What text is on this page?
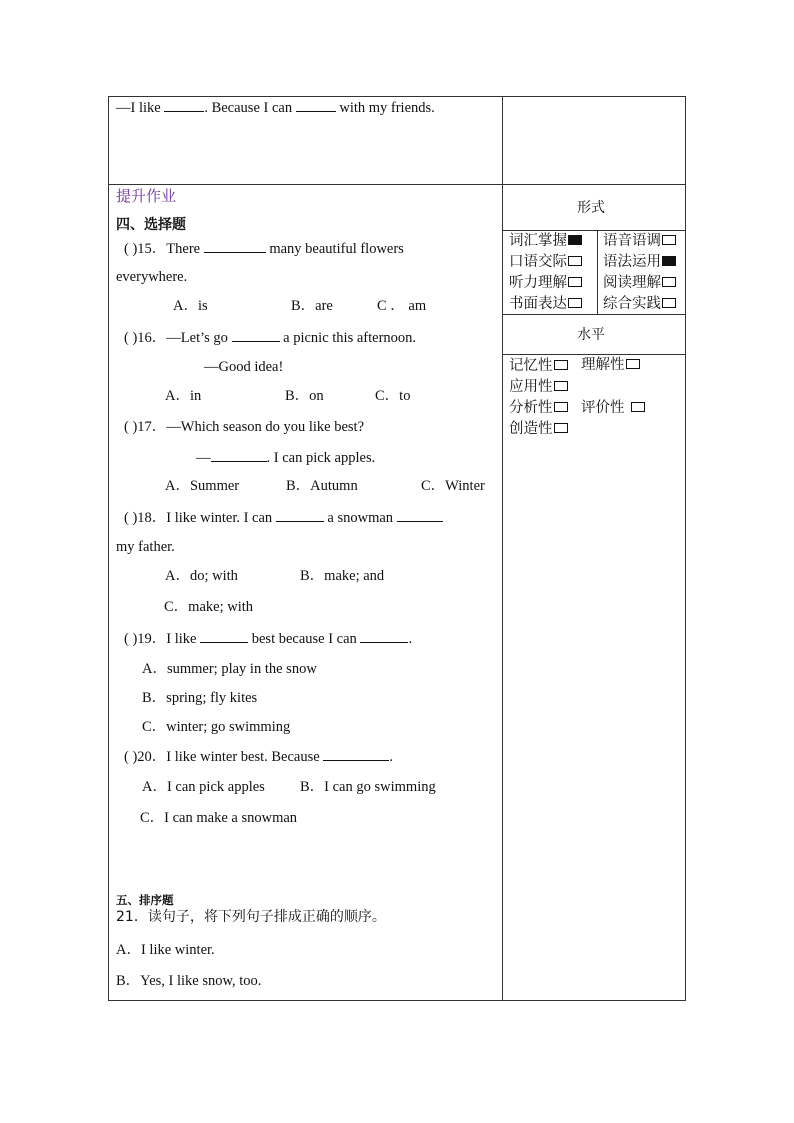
—I like	. Because I can	with my friends.
提升作业
四、选择题
( )15．There	many beautiful flowers
everywhere.
A．is	B．are	C ． am
( )16．—Let’s go	a picnic this afternoon.
—Good idea!
A．in	B．on	C．to
( )17．—Which season do you like best?
—	. I can pick apples.
A．Summer	B．Autumn	C．Winter
( )18．I like winter. I can	a snowman
my father.
A．do; with	B．make; and
C．make; with
( )19．I like	best because I can	.
A．summer; play in the snow
B．spring; fly kites
C．winter; go swimming
( )20．I like winter best. Because	.
A．I can pick apples B．I can go swimming
C．I can make a snowman
五、排序题
21．读句子，将下列句子排成正确的顺序。
A．I like winter.
B．Yes, I like snow, too.
形式
词汇掌握	语音语调
口语交际	语法运用
听力理解	阅读理解
书面表达	综合实践
水平
记忆性	理解性
应用性
分析性	评价性
创造性
